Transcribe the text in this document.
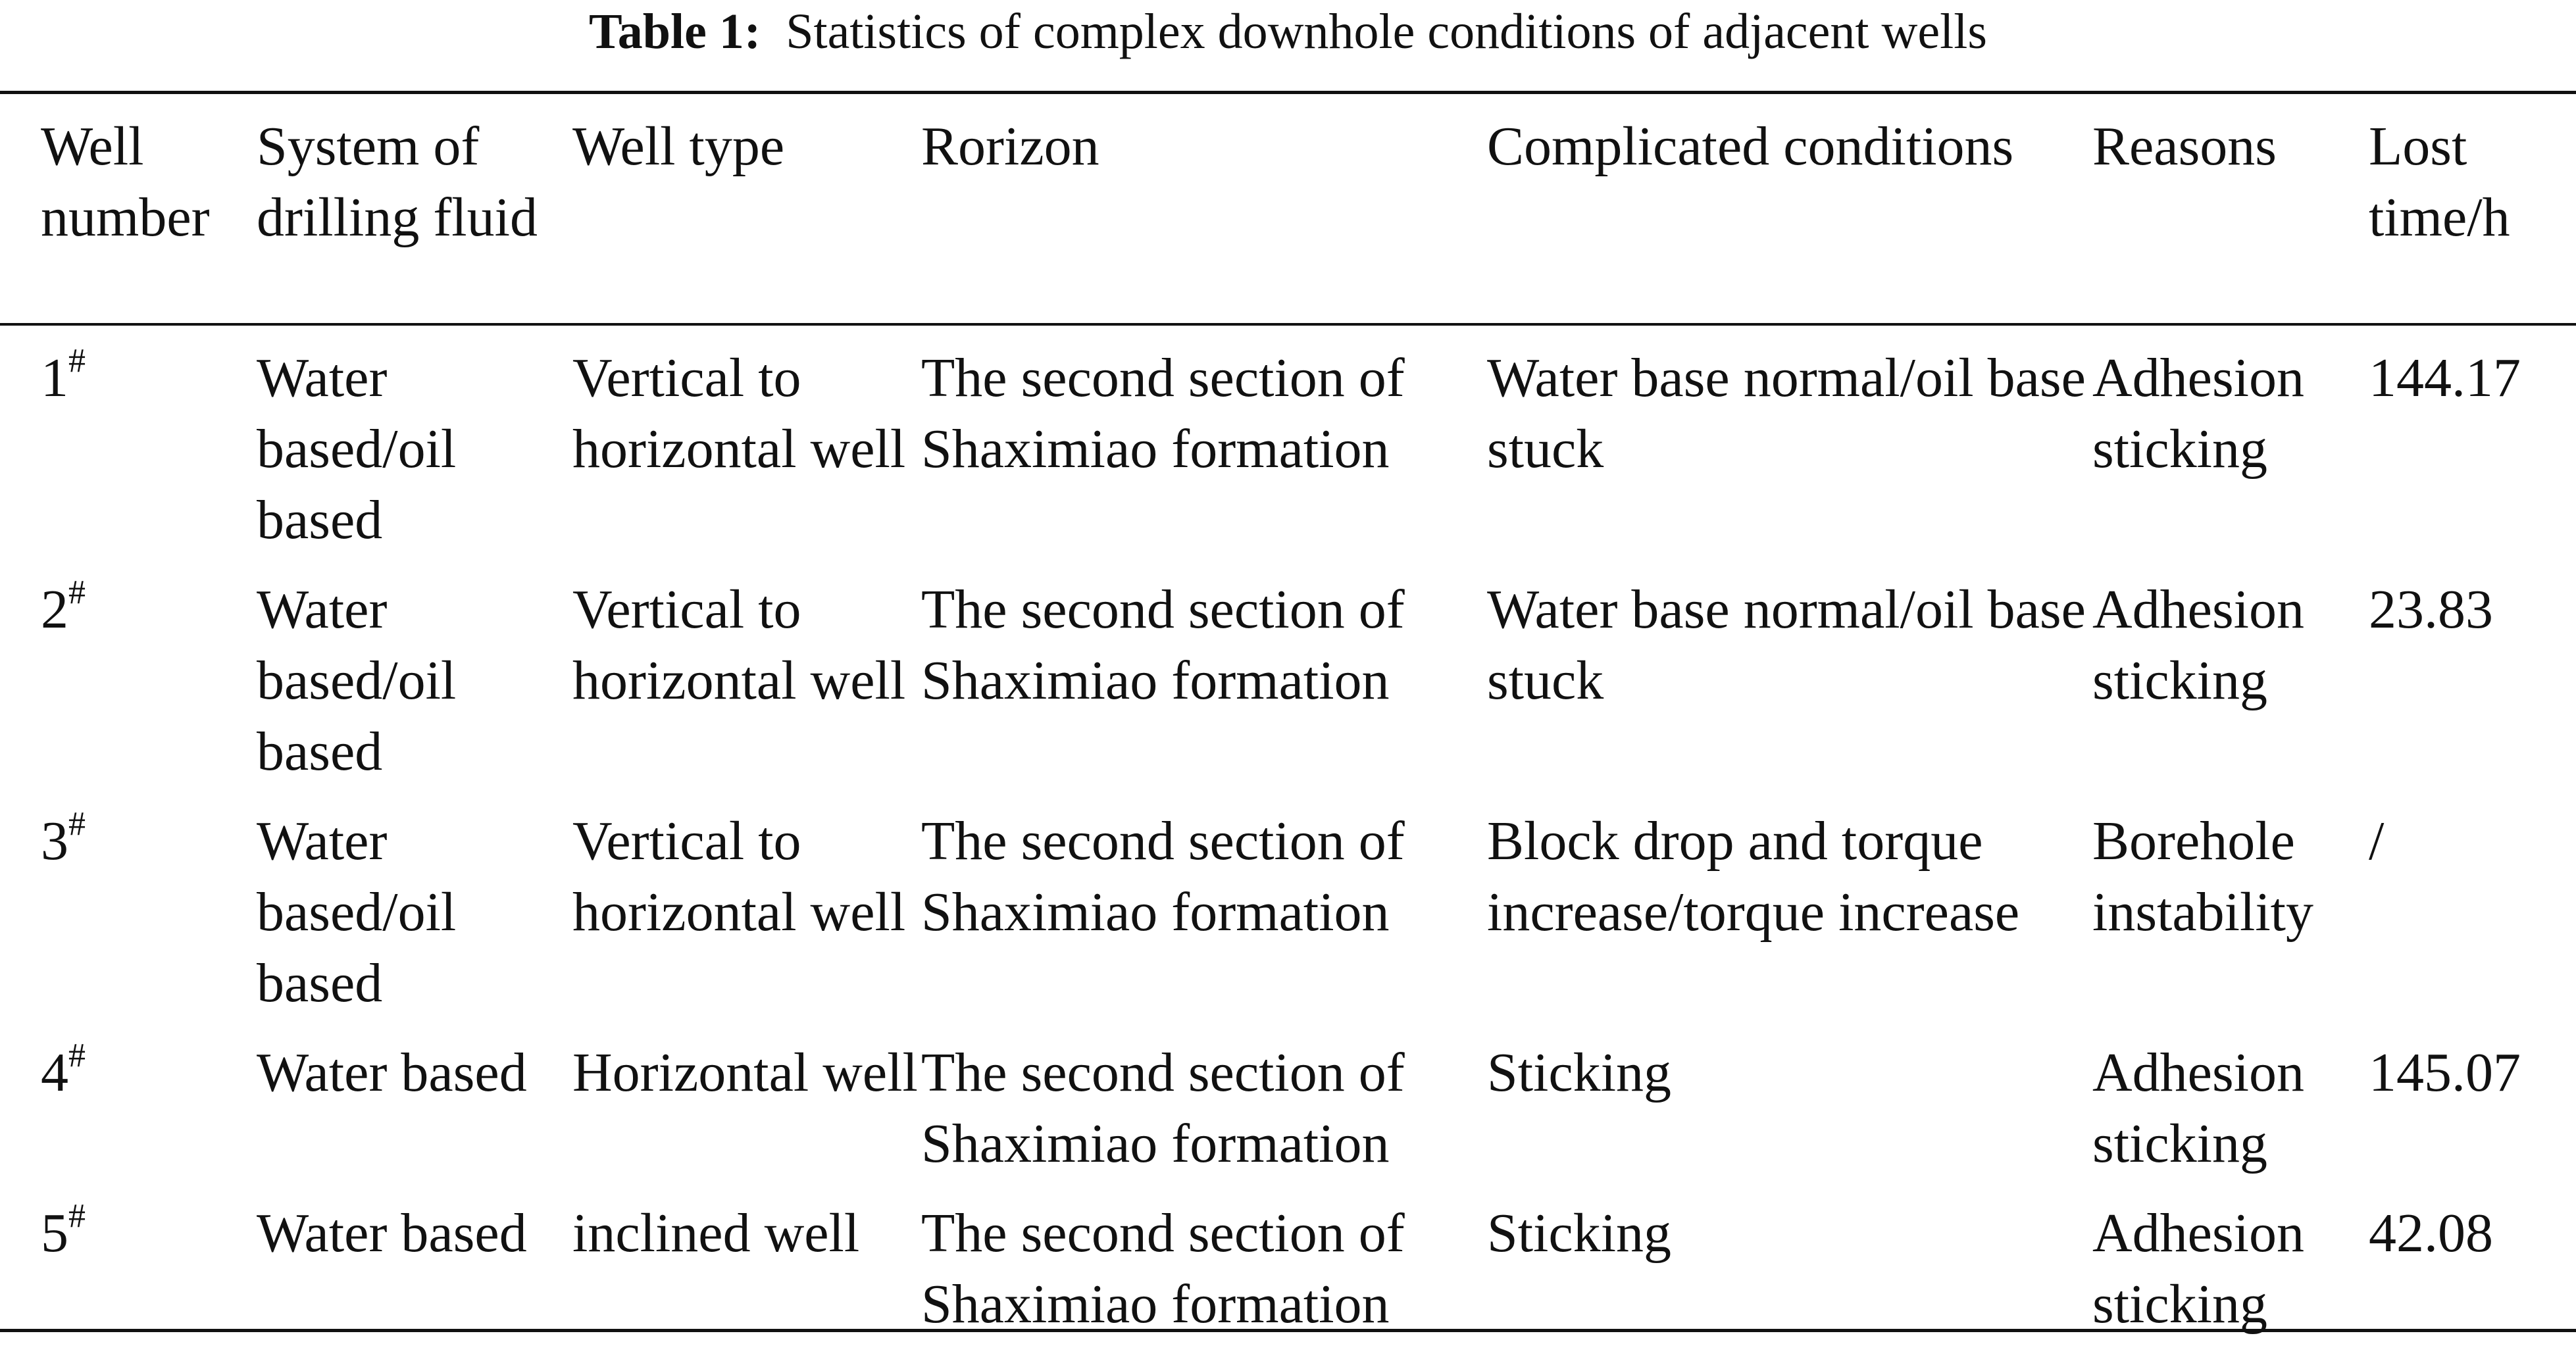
Table 1: Statistics of complex downhole conditions of adjacent wells
Well number	System of drilling fluid	Well type	Rorizon	Complicated conditions	Reasons	Lost time/h
1#	Water based/oil based	Vertical to horizontal well	The second section of Shaximiao formation	Water base normal/oil base stuck	Adhesion sticking	144.17
2#	Water based/oil based	Vertical to horizontal well	The second section of Shaximiao formation	Water base normal/oil base stuck	Adhesion sticking	23.83
3#	Water based/oil based	Vertical to horizontal well	The second section of Shaximiao formation	Block drop and torque increase/torque increase	Borehole instability	/
4#	Water based	Horizontal well	The second section of Shaximiao formation	Sticking	Adhesion sticking	145.07
5#	Water based	inclined well	The second section of Shaximiao formation	Sticking	Adhesion sticking	42.08
